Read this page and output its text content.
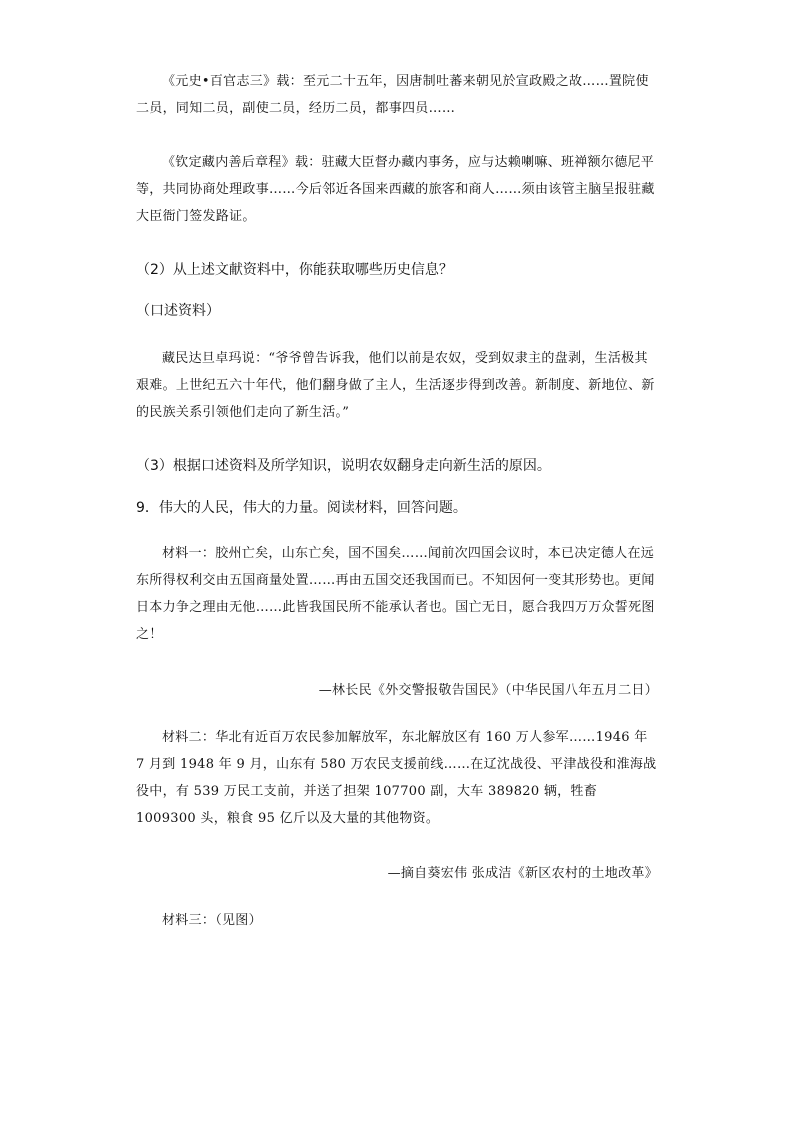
《元史•百官志三》载：至元二十五年，因唐制吐蕃来朝见於宣政殿之故……置院使二员，同知二员，副使二员，经历二员，都事四员……

《钦定藏内善后章程》载：驻藏大臣督办藏内事务，应与达赖喇嘛、班禅额尔德尼平等，共同协商处理政事……今后邻近各国来西藏的旅客和商人……须由该管主脑呈报驻藏大臣衙门签发路证。

（2）从上述文献资料中，你能获取哪些历史信息？

（口述资料）

藏民达旦卓玛说：“爷爷曾告诉我，他们以前是农奴，受到奴隶主的盘剥，生活极其艰难。上世纪五六十年代，他们翻身做了主人，生活逐步得到改善。新制度、新地位、新的民族关系引领他们走向了新生活。”

（3）根据口述资料及所学知识，说明农奴翻身走向新生活的原因。

9．伟大的人民，伟大的力量。阅读材料，回答问题。

材料一：胶州亡矣，山东亡矣，国不国矣……闻前次四国会议时，本已决定德人在远东所得权利交由五国商量处置……再由五国交还我国而已。不知因何一变其形势也。更闻日本力争之理由无他……此皆我国民所不能承认者也。国亡无日，愿合我四万万众誓死图之！

—林长民《外交警报敬告国民》（中华民国八年五月二日）

材料二：华北有近百万农民参加解放军，东北解放区有 160 万人参军……1946 年 7 月到 1948 年 9 月，山东有 580 万农民支援前线……在辽沈战役、平津战役和淮海战役中，有 539 万民工支前，并送了担架 107700 副，大车 389820 辆，牲畜 1009300 头，粮食 95 亿斤以及大量的其他物资。

—摘自葵宏伟 张成洁《新区农村的土地改革》

材料三：（见图）
